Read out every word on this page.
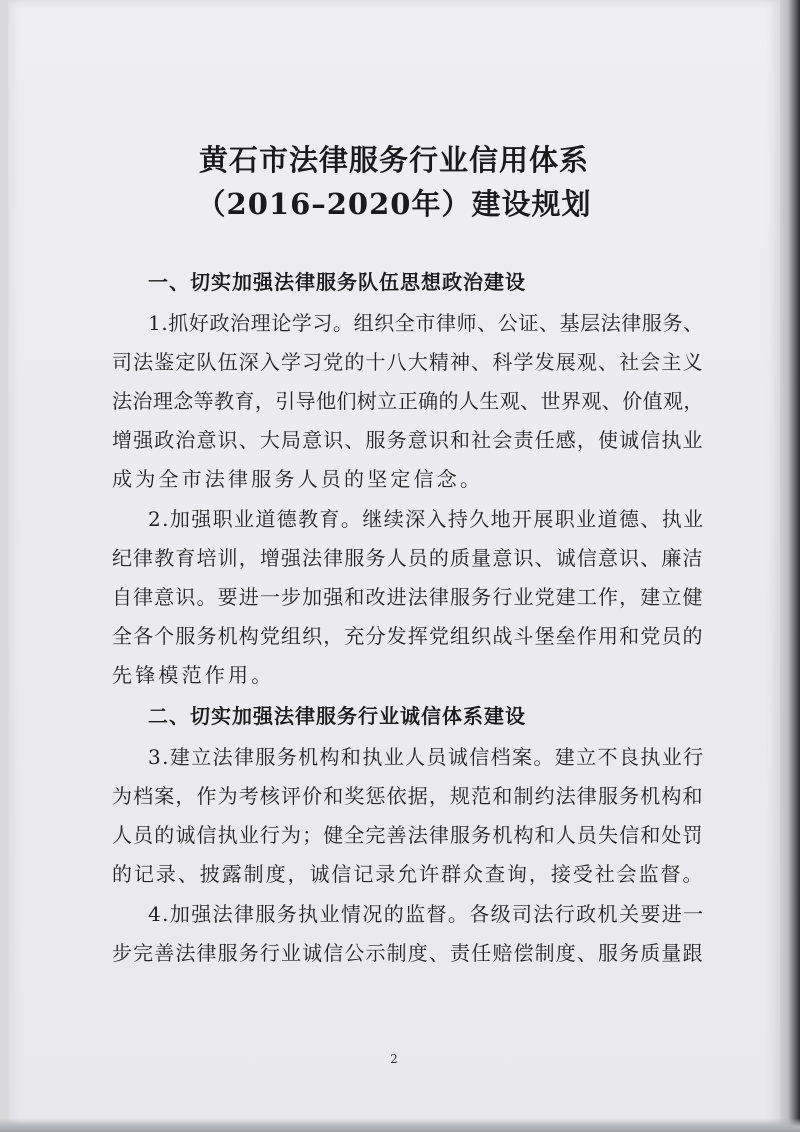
黄石市法律服务行业信用体系
（2016–2020年）建设规划
一、切实加强法律服务队伍思想政治建设
1.抓好政治理论学习。组织全市律师、公证、基层法律服务、
司法鉴定队伍深入学习党的十八大精神、科学发展观、社会主义
法治理念等教育，引导他们树立正确的人生观、世界观、价值观，
增强政治意识、大局意识、服务意识和社会责任感，使诚信执业
成为全市法律服务人员的坚定信念。
2.加强职业道德教育。继续深入持久地开展职业道德、执业
纪律教育培训，增强法律服务人员的质量意识、诚信意识、廉洁
自律意识。要进一步加强和改进法律服务行业党建工作，建立健
全各个服务机构党组织，充分发挥党组织战斗堡垒作用和党员的
先锋模范作用。
二、切实加强法律服务行业诚信体系建设
3.建立法律服务机构和执业人员诚信档案。建立不良执业行
为档案，作为考核评价和奖惩依据，规范和制约法律服务机构和
人员的诚信执业行为；健全完善法律服务机构和人员失信和处罚
的记录、披露制度，诚信记录允许群众查询，接受社会监督。
4.加强法律服务执业情况的监督。各级司法行政机关要进一
步完善法律服务行业诚信公示制度、责任赔偿制度、服务质量跟
2
